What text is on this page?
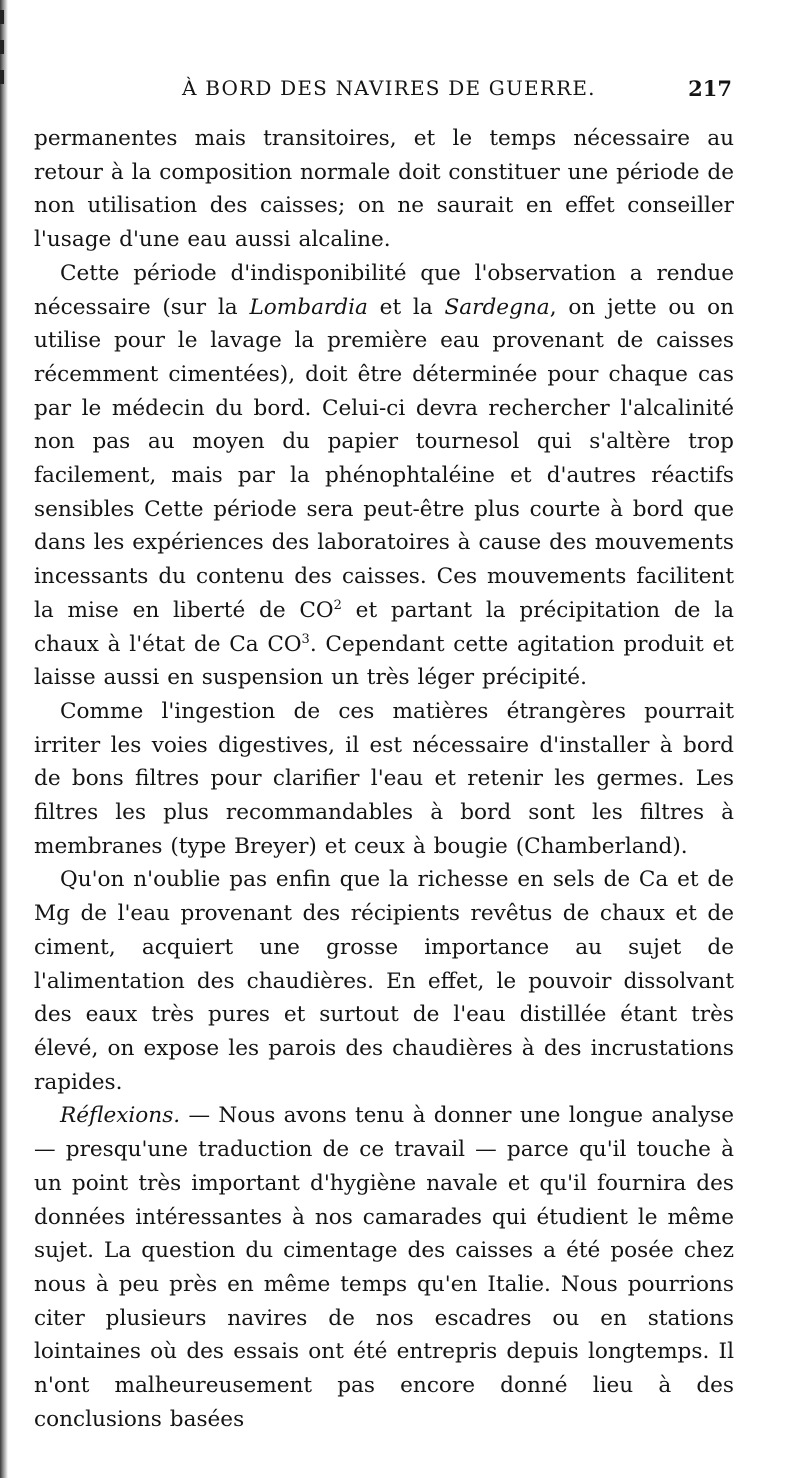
À BORD DES NAVIRES DE GUERRE.	217

permanentes mais transitoires, et le temps nécessaire au retour à la composition normale doit constituer une période de non utilisation des caisses; on ne saurait en effet conseiller l'usage d'une eau aussi alcaline.

Cette période d'indisponibilité que l'observation a rendue nécessaire (sur la Lombardia et la Sardegna, on jette ou on utilise pour le lavage la première eau provenant de caisses récemment cimentées), doit être déterminée pour chaque cas par le médecin du bord. Celui-ci devra rechercher l'alcalinité non pas au moyen du papier tournesol qui s'altère trop facilement, mais par la phénophtaléine et d'autres réactifs sensibles Cette période sera peut-être plus courte à bord que dans les expériences des laboratoires à cause des mouvements incessants du contenu des caisses. Ces mouvements facilitent la mise en liberté de $CO^2$ et partant la précipitation de la chaux à l'état de Ca $CO^3$. Cependant cette agitation produit et laisse aussi en suspension un très léger précipité.

Comme l'ingestion de ces matières étrangères pourrait irriter les voies digestives, il est nécessaire d'installer à bord de bons filtres pour clarifier l'eau et retenir les germes. Les filtres les plus recommandables à bord sont les filtres à membranes (type Breyer) et ceux à bougie (Chamberland).

Qu'on n'oublie pas enfin que la richesse en sels de Ca et de Mg de l'eau provenant des récipients revêtus de chaux et de ciment, acquiert une grosse importance au sujet de l'alimentation des chaudières. En effet, le pouvoir dissolvant des eaux très pures et surtout de l'eau distillée étant très élevé, on expose les parois des chaudières à des incrustations rapides.

Réflexions. — Nous avons tenu à donner une longue analyse — presqu'une traduction de ce travail — parce qu'il touche à un point très important d'hygiène navale et qu'il fournira des données intéressantes à nos camarades qui étudient le même sujet. La question du cimentage des caisses a été posée chez nous à peu près en même temps qu'en Italie. Nous pourrions citer plusieurs navires de nos escadres ou en stations lointaines où des essais ont été entrepris depuis longtemps. Il n'ont malheureusement pas encore donné lieu à des conclusions basées
